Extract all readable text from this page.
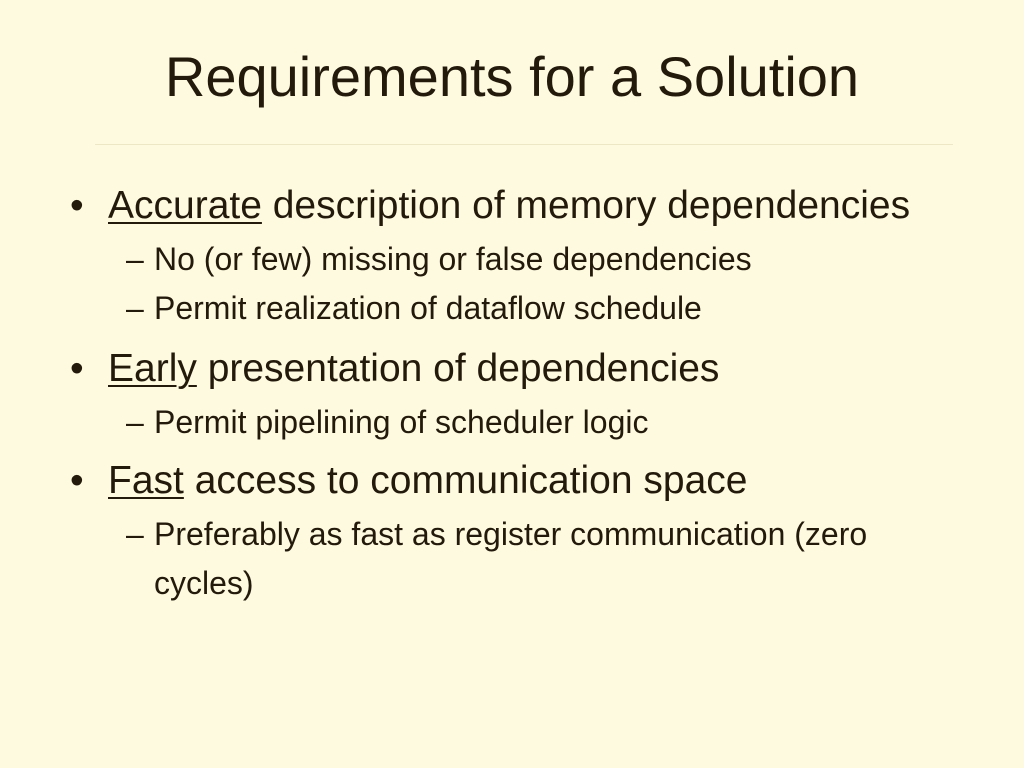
Requirements for a Solution
• Accurate description of memory dependencies
– No (or few) missing or false dependencies
– Permit realization of dataflow schedule
• Early presentation of dependencies
– Permit pipelining of scheduler logic
• Fast access to communication space
– Preferably as fast as register communication (zero cycles)
